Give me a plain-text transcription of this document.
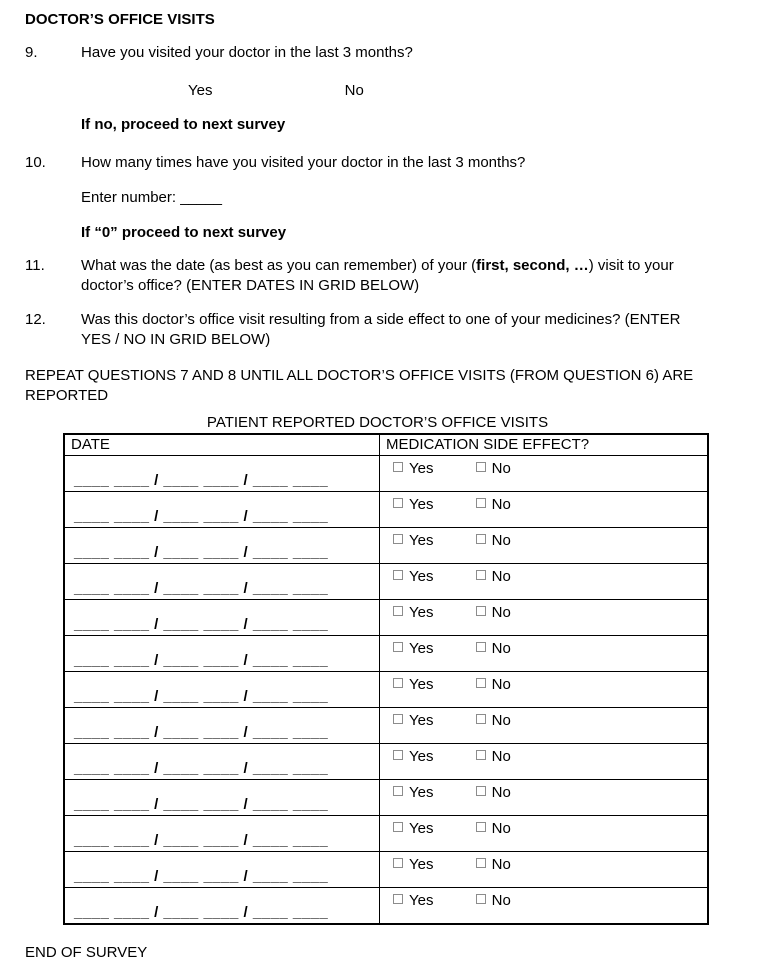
DOCTOR’S OFFICE VISITS
9.	Have you visited your doctor in the last 3 months?
Yes	No
If no, proceed to next survey
10.	How many times have you visited your doctor in the last 3 months?
Enter number: _____
If “0” proceed to next survey
11.	What was the date (as best as you can remember) of your (first, second, …) visit to your doctor’s office? (ENTER DATES IN GRID BELOW)
12.	Was this doctor’s office visit resulting from a side effect to one of your medicines? (ENTER YES / NO IN GRID BELOW)
REPEAT QUESTIONS 7 AND 8 UNTIL ALL DOCTOR’S OFFICE VISITS (FROM QUESTION 6) ARE REPORTED
PATIENT REPORTED DOCTOR’S OFFICE VISITS
DATE	MEDICATION SIDE EFFECT?
____ ____ / ____ ____ / ____ ____	Yes No
____ ____ / ____ ____ / ____ ____	Yes No
____ ____ / ____ ____ / ____ ____	Yes No
____ ____ / ____ ____ / ____ ____	Yes No
____ ____ / ____ ____ / ____ ____	Yes No
____ ____ / ____ ____ / ____ ____	Yes No
____ ____ / ____ ____ / ____ ____	Yes No
____ ____ / ____ ____ / ____ ____	Yes No
____ ____ / ____ ____ / ____ ____	Yes No
____ ____ / ____ ____ / ____ ____	Yes No
____ ____ / ____ ____ / ____ ____	Yes No
____ ____ / ____ ____ / ____ ____	Yes No
____ ____ / ____ ____ / ____ ____	Yes No
END OF SURVEY
